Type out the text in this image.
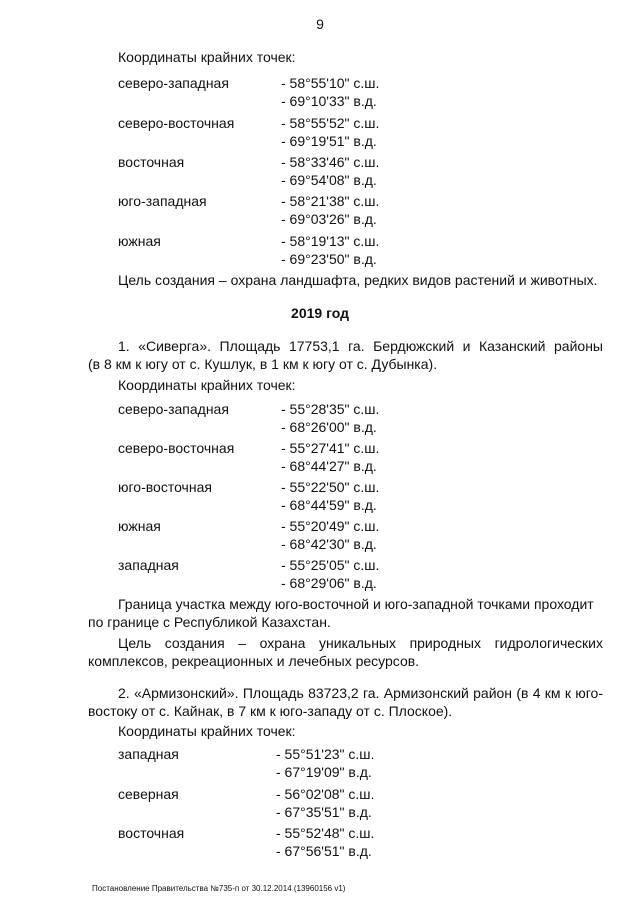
9
Координаты крайних точек:
северо-западная	- 58°55'10" с.ш.
- 69°10'33" в.д.
северо-восточная	- 58°55'52" с.ш.
- 69°19'51" в.д.
восточная	- 58°33'46" с.ш.
- 69°54'08" в.д.
юго-западная	- 58°21'38" с.ш.
- 69°03'26" в.д.
южная	- 58°19'13" с.ш.
- 69°23'50" в.д.
Цель создания – охрана ландшафта, редких видов растений и животных.
2019 год
1. «Сиверга». Площадь 17753,1 га. Бердюжский и Казанский районы
(в 8 км к югу от с. Кушлук, в 1 км к югу от с. Дубынка).
Координаты крайних точек:
северо-западная	- 55°28'35" с.ш.
- 68°26'00" в.д.
северо-восточная	- 55°27'41" с.ш.
- 68°44'27" в.д.
юго-восточная	- 55°22'50" с.ш.
- 68°44'59" в.д.
южная	- 55°20'49" с.ш.
- 68°42'30" в.д.
западная	- 55°25'05" с.ш.
- 68°29'06" в.д.
Граница участка между юго-восточной и юго-западной точками проходит
по границе с Республикой Казахстан.
Цель создания – охрана уникальных природных гидрологических
комплексов, рекреационных и лечебных ресурсов.
2. «Армизонский». Площадь 83723,2 га. Армизонский район (в 4 км к юго-
востоку от с. Кайнак, в 7 км к юго-западу от с. Плоское).
Координаты крайних точек:
западная	- 55°51'23" с.ш.
- 67°19'09" в.д.
северная	- 56°02'08" с.ш.
- 67°35'51" в.д.
восточная	- 55°52'48" с.ш.
- 67°56'51" в.д.
Постановление Правительства №735-п от 30.12.2014 (13960156 v1)
